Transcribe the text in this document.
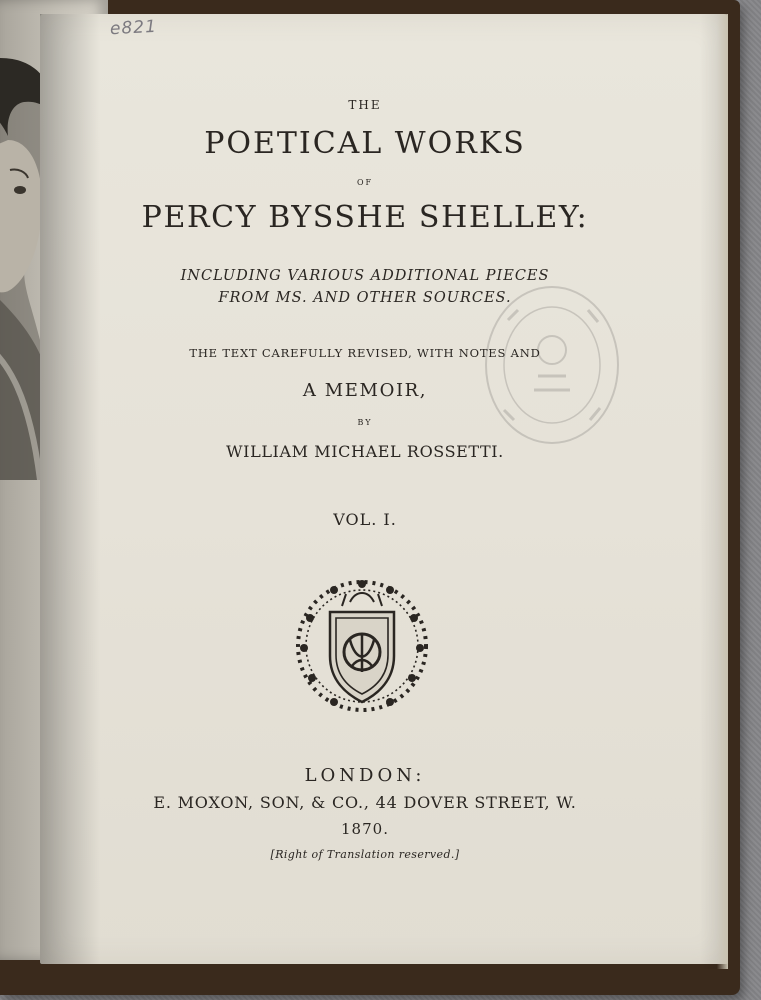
e821
THE
POETICAL WORKS
OF
PERCY BYSSHE SHELLEY:
INCLUDING VARIOUS ADDITIONAL PIECES
FROM MS. AND OTHER SOURCES.
THE TEXT CAREFULLY REVISED, WITH NOTES AND
A MEMOIR,
BY
WILLIAM MICHAEL ROSSETTI.
VOL. I.
LONDON:
E. MOXON, SON, & CO., 44 DOVER STREET, W.
1870.
[Right of Translation reserved.]
